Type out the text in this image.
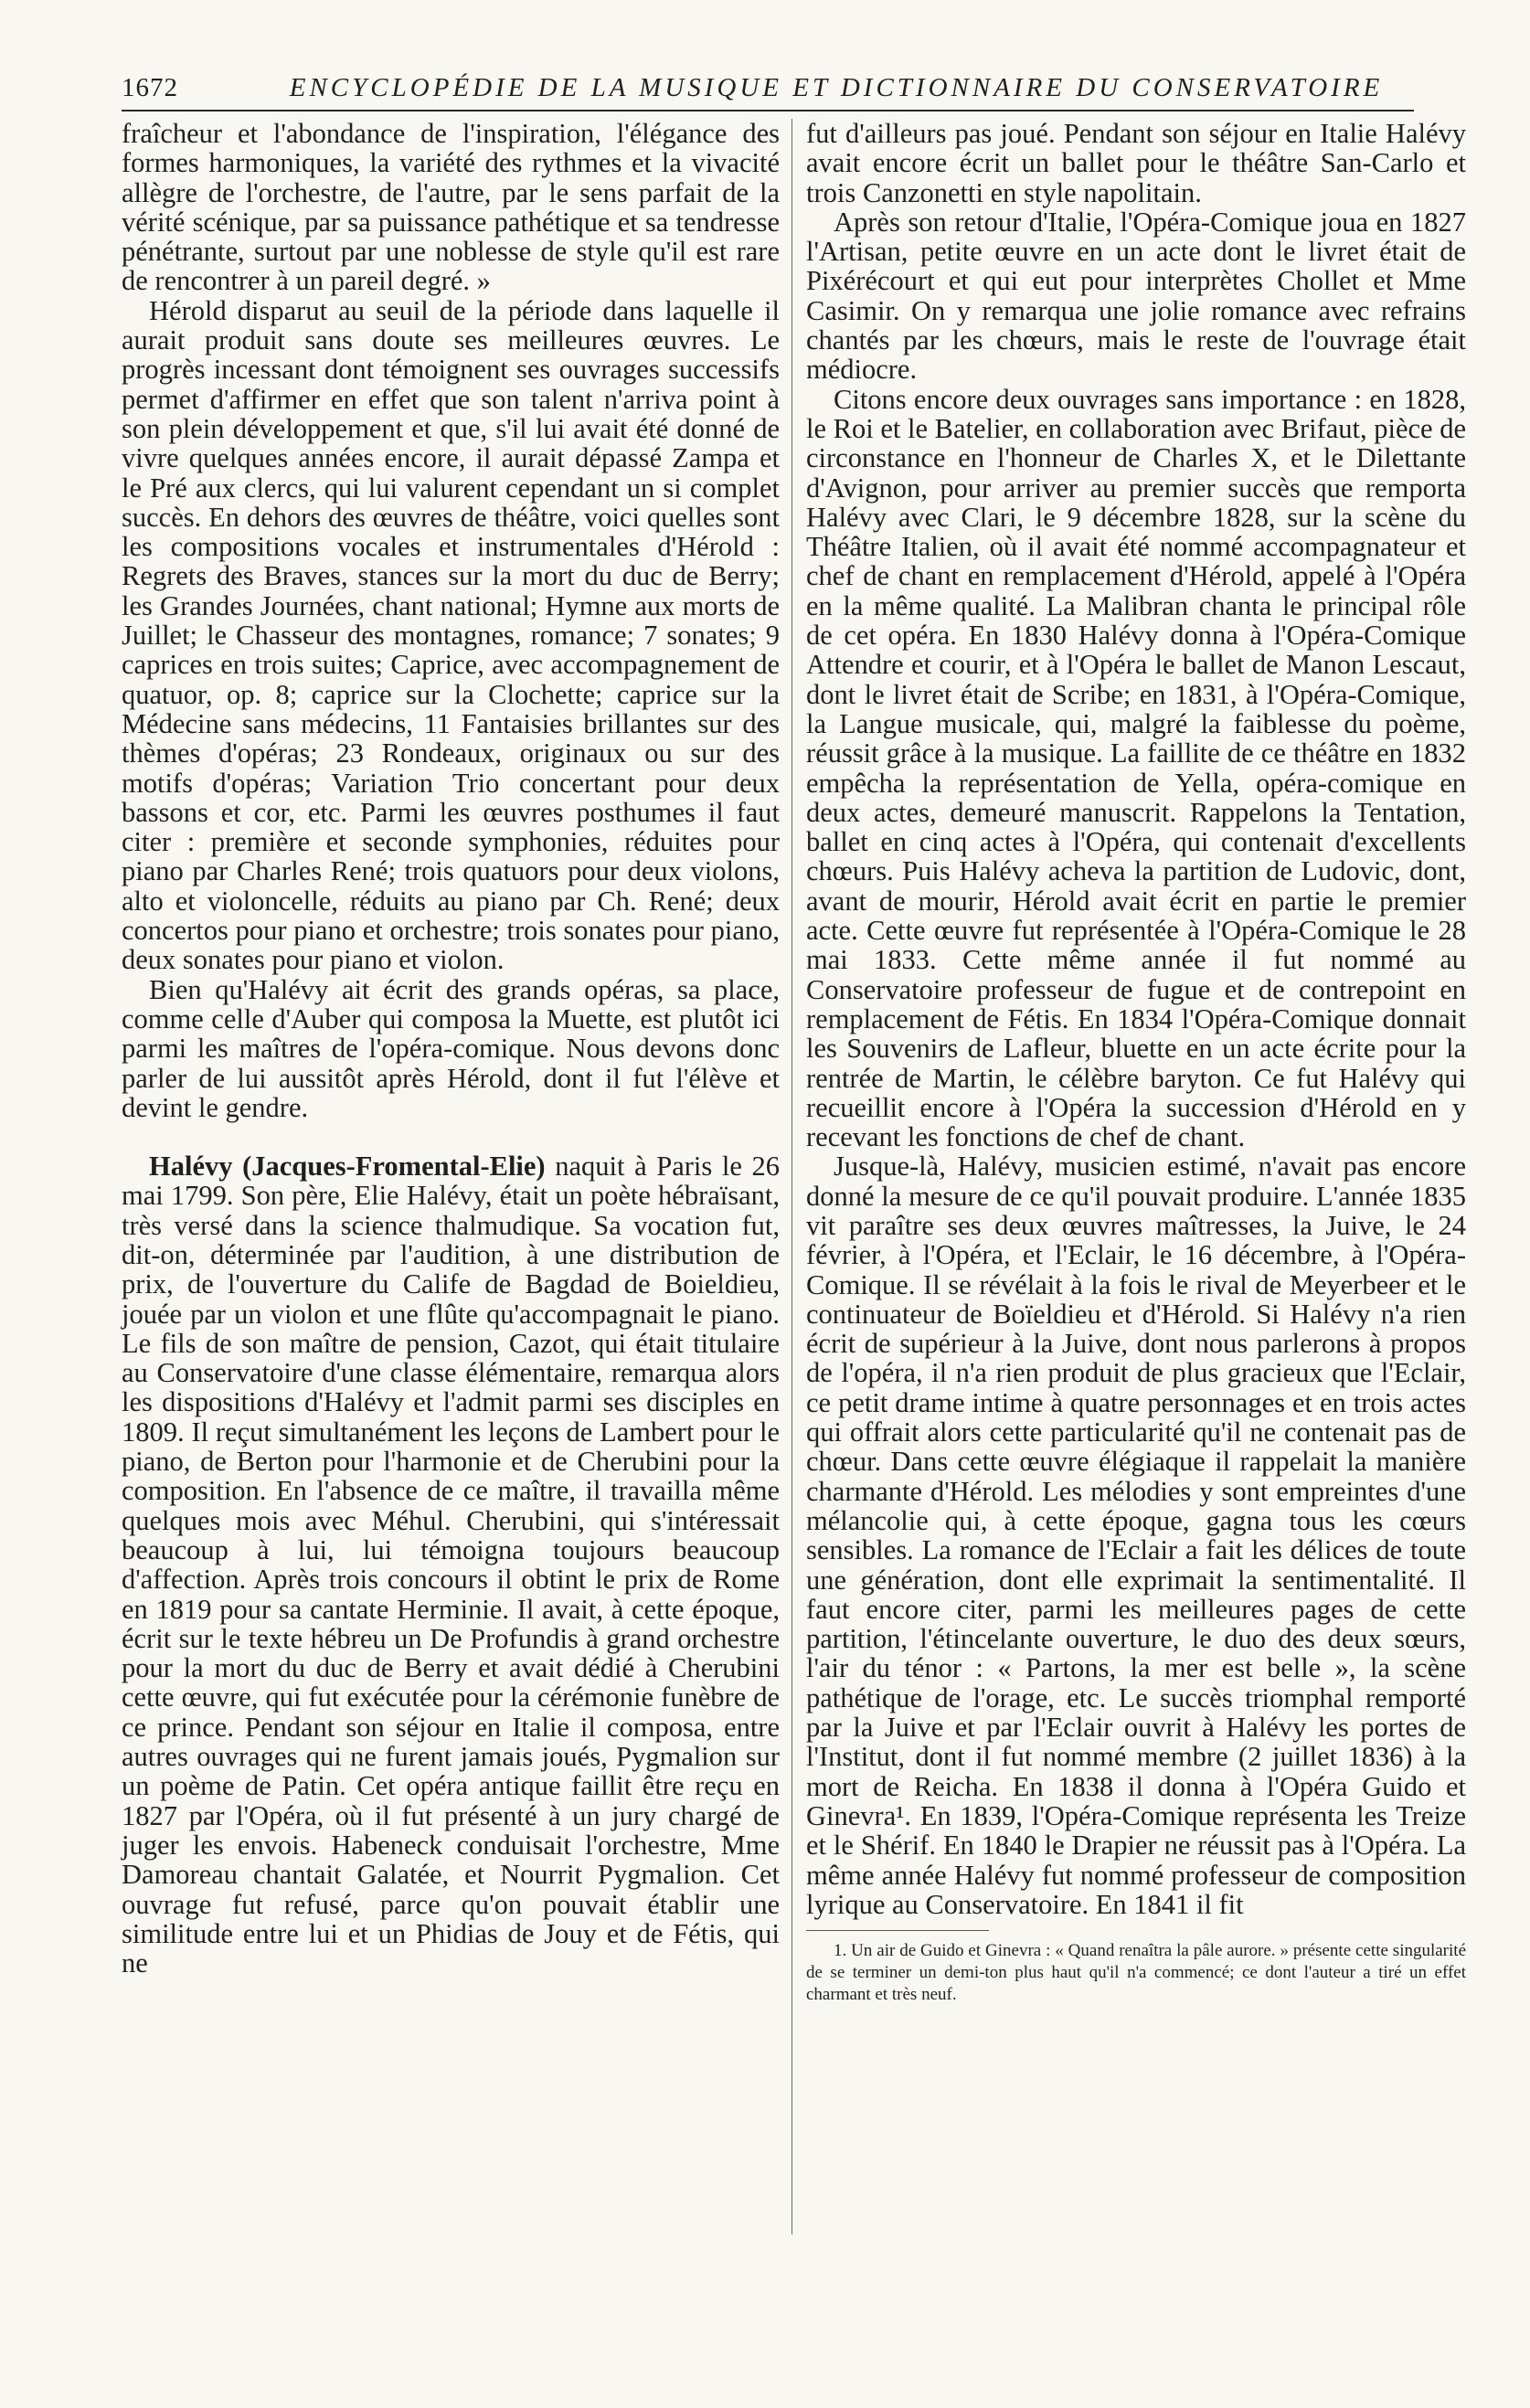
1672	ENCYCLOPÉDIE DE LA MUSIQUE ET DICTIONNAIRE DU CONSERVATOIRE

fraîcheur et l'abondance de l'inspiration, l'élégance des formes harmoniques, la variété des rythmes et la vivacité allègre de l'orchestre, de l'autre, par le sens parfait de la vérité scénique, par sa puissance pathétique et sa tendresse pénétrante, surtout par une noblesse de style qu'il est rare de rencontrer à un pareil degré. »

Hérold disparut au seuil de la période dans laquelle il aurait produit sans doute ses meilleures œuvres. Le progrès incessant dont témoignent ses ouvrages successifs permet d'affirmer en effet que son talent n'arriva point à son plein développement et que, s'il lui avait été donné de vivre quelques années encore, il aurait dépassé Zampa et le Pré aux clercs, qui lui valurent cependant un si complet succès. En dehors des œuvres de théâtre, voici quelles sont les compositions vocales et instrumentales d'Hérold : Regrets des Braves, stances sur la mort du duc de Berry; les Grandes Journées, chant national; Hymne aux morts de Juillet; le Chasseur des montagnes, romance; 7 sonates; 9 caprices en trois suites; Caprice, avec accompagnement de quatuor, op. 8; caprice sur la Clochette; caprice sur la Médecine sans médecins, 11 Fantaisies brillantes sur des thèmes d'opéras; 23 Rondeaux, originaux ou sur des motifs d'opéras; Variation Trio concertant pour deux bassons et cor, etc. Parmi les œuvres posthumes il faut citer : première et seconde symphonies, réduites pour piano par Charles René; trois quatuors pour deux violons, alto et violoncelle, réduits au piano par Ch. René; deux concertos pour piano et orchestre; trois sonates pour piano, deux sonates pour piano et violon.

Bien qu'Halévy ait écrit des grands opéras, sa place, comme celle d'Auber qui composa la Muette, est plutôt ici parmi les maîtres de l'opéra-comique. Nous devons donc parler de lui aussitôt après Hérold, dont il fut l'élève et devint le gendre.

Halévy (Jacques-Fromental-Elie) naquit à Paris le 26 mai 1799. Son père, Elie Halévy, était un poète hébraïsant, très versé dans la science thalmudique. Sa vocation fut, dit-on, déterminée par l'audition, à une distribution de prix, de l'ouverture du Calife de Bagdad de Boieldieu, jouée par un violon et une flûte qu'accompagnait le piano. Le fils de son maître de pension, Cazot, qui était titulaire au Conservatoire d'une classe élémentaire, remarqua alors les dispositions d'Halévy et l'admit parmi ses disciples en 1809. Il reçut simultanément les leçons de Lambert pour le piano, de Berton pour l'harmonie et de Cherubini pour la composition. En l'absence de ce maître, il travailla même quelques mois avec Méhul. Cherubini, qui s'intéressait beaucoup à lui, lui témoigna toujours beaucoup d'affection. Après trois concours il obtint le prix de Rome en 1819 pour sa cantate Herminie. Il avait, à cette époque, écrit sur le texte hébreu un De Profundis à grand orchestre pour la mort du duc de Berry et avait dédié à Cherubini cette œuvre, qui fut exécutée pour la cérémonie funèbre de ce prince. Pendant son séjour en Italie il composa, entre autres ouvrages qui ne furent jamais joués, Pygmalion sur un poème de Patin. Cet opéra antique faillit être reçu en 1827 par l'Opéra, où il fut présenté à un jury chargé de juger les envois. Habeneck conduisait l'orchestre, Mme Damoreau chantait Galatée, et Nourrit Pygmalion. Cet ouvrage fut refusé, parce qu'on pouvait établir une similitude entre lui et un Phidias de Jouy et de Fétis, qui ne

fut d'ailleurs pas joué. Pendant son séjour en Italie Halévy avait encore écrit un ballet pour le théâtre San-Carlo et trois Canzonetti en style napolitain.

Après son retour d'Italie, l'Opéra-Comique joua en 1827 l'Artisan, petite œuvre en un acte dont le livret était de Pixérécourt et qui eut pour interprètes Chollet et Mme Casimir. On y remarqua une jolie romance avec refrains chantés par les chœurs, mais le reste de l'ouvrage était médiocre.

Citons encore deux ouvrages sans importance : en 1828, le Roi et le Batelier, en collaboration avec Brifaut, pièce de circonstance en l'honneur de Charles X, et le Dilettante d'Avignon, pour arriver au premier succès que remporta Halévy avec Clari, le 9 décembre 1828, sur la scène du Théâtre Italien, où il avait été nommé accompagnateur et chef de chant en remplacement d'Hérold, appelé à l'Opéra en la même qualité. La Malibran chanta le principal rôle de cet opéra. En 1830 Halévy donna à l'Opéra-Comique Attendre et courir, et à l'Opéra le ballet de Manon Lescaut, dont le livret était de Scribe; en 1831, à l'Opéra-Comique, la Langue musicale, qui, malgré la faiblesse du poème, réussit grâce à la musique. La faillite de ce théâtre en 1832 empêcha la représentation de Yella, opéra-comique en deux actes, demeuré manuscrit. Rappelons la Tentation, ballet en cinq actes à l'Opéra, qui contenait d'excellents chœurs. Puis Halévy acheva la partition de Ludovic, dont, avant de mourir, Hérold avait écrit en partie le premier acte. Cette œuvre fut représentée à l'Opéra-Comique le 28 mai 1833. Cette même année il fut nommé au Conservatoire professeur de fugue et de contrepoint en remplacement de Fétis. En 1834 l'Opéra-Comique donnait les Souvenirs de Lafleur, bluette en un acte écrite pour la rentrée de Martin, le célèbre baryton. Ce fut Halévy qui recueillit encore à l'Opéra la succession d'Hérold en y recevant les fonctions de chef de chant.

Jusque-là, Halévy, musicien estimé, n'avait pas encore donné la mesure de ce qu'il pouvait produire. L'année 1835 vit paraître ses deux œuvres maîtresses, la Juive, le 24 février, à l'Opéra, et l'Eclair, le 16 décembre, à l'Opéra-Comique. Il se révélait à la fois le rival de Meyerbeer et le continuateur de Boïeldieu et d'Hérold. Si Halévy n'a rien écrit de supérieur à la Juive, dont nous parlerons à propos de l'opéra, il n'a rien produit de plus gracieux que l'Eclair, ce petit drame intime à quatre personnages et en trois actes qui offrait alors cette particularité qu'il ne contenait pas de chœur. Dans cette œuvre élégiaque il rappelait la manière charmante d'Hérold. Les mélodies y sont empreintes d'une mélancolie qui, à cette époque, gagna tous les cœurs sensibles. La romance de l'Eclair a fait les délices de toute une génération, dont elle exprimait la sentimentalité. Il faut encore citer, parmi les meilleures pages de cette partition, l'étincelante ouverture, le duo des deux sœurs, l'air du ténor : « Partons, la mer est belle », la scène pathétique de l'orage, etc. Le succès triomphal remporté par la Juive et par l'Eclair ouvrit à Halévy les portes de l'Institut, dont il fut nommé membre (2 juillet 1836) à la mort de Reicha. En 1838 il donna à l'Opéra Guido et Ginevra¹. En 1839, l'Opéra-Comique représenta les Treize et le Shérif. En 1840 le Drapier ne réussit pas à l'Opéra. La même année Halévy fut nommé professeur de composition lyrique au Conservatoire. En 1841 il fit

1. Un air de Guido et Ginevra : « Quand renaîtra la pâle aurore. » présente cette singularité de se terminer un demi-ton plus haut qu'il n'a commencé; ce dont l'auteur a tiré un effet charmant et très neuf.
